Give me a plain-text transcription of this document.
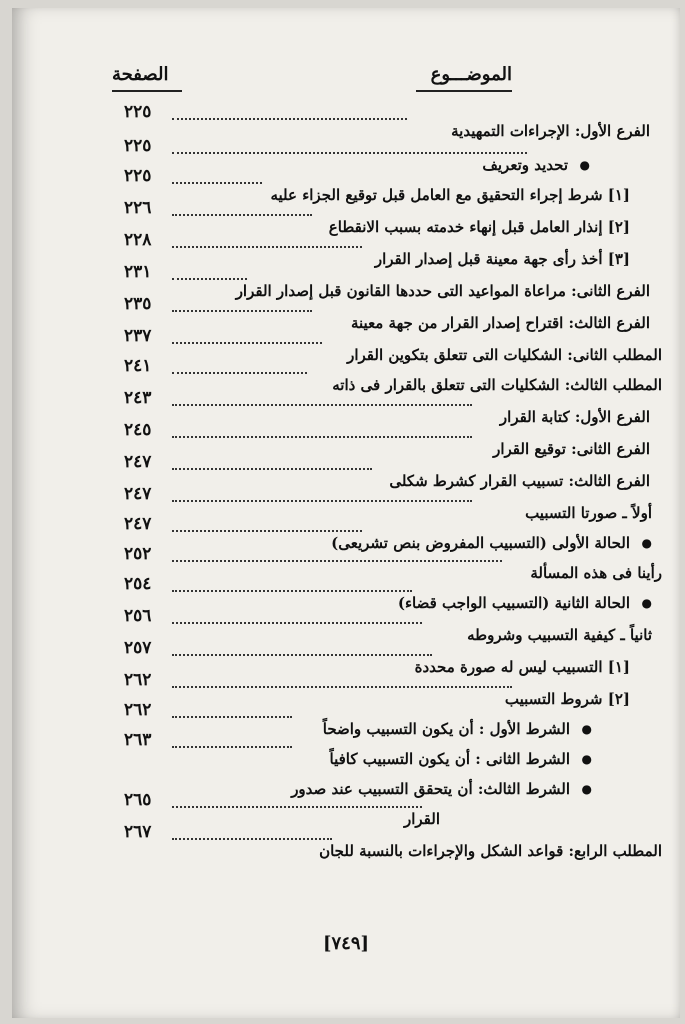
الموضـــوع
الصفحة
٢٢٥
الفرع الأول: الإجراءات التمهيدية
٢٢٥
تحديد وتعريف ●
٢٢٥
[١] شرط إجراء التحقيق مع العامل قبل توقيع الجزاء عليه
٢٢٦
[٢] إنذار العامل قبل إنهاء خدمته بسبب الانقطاع
٢٢٨
[٣] أخذ رأى جهة معينة قبل إصدار القرار
٢٣١
الفرع الثانى: مراعاة المواعيد التى حددها القانون قبل إصدار القرار
٢٣٥
الفرع الثالث: اقتراح إصدار القرار من جهة معينة
٢٣٧
المطلب الثانى: الشكليات التى تتعلق بتكوين القرار
٢٤١
المطلب الثالث: الشكليات التى تتعلق بالقرار فى ذاته
٢٤٣
الفرع الأول: كتابة القرار
٢٤٥
الفرع الثانى: توقيع القرار
٢٤٧
الفرع الثالث: تسبيب القرار كشرط شكلى
٢٤٧
أولاً ـ صورتا التسبيب
٢٤٧
الحالة الأولى (التسبيب المفروض بنص تشريعى) ●
٢٥٢
رأينا فى هذه المسألة
٢٥٤
الحالة الثانية (التسبيب الواجب قضاء) ●
٢٥٦
ثانياً ـ كيفية التسبيب وشروطه
٢٥٧
[١] التسبيب ليس له صورة محددة
٢٦٢
[٢] شروط التسبيب
٢٦٢
الشرط الأول : أن يكون التسبيب واضحاً ●
٢٦٣
الشرط الثانى : أن يكون التسبيب كافياً ●
الشرط الثالث: أن يتحقق التسبيب عند صدور ●
٢٦٥
القرار
٢٦٧
المطلب الرابع: قواعد الشكل والإجراءات بالنسبة للجان
[٧٤٩]
